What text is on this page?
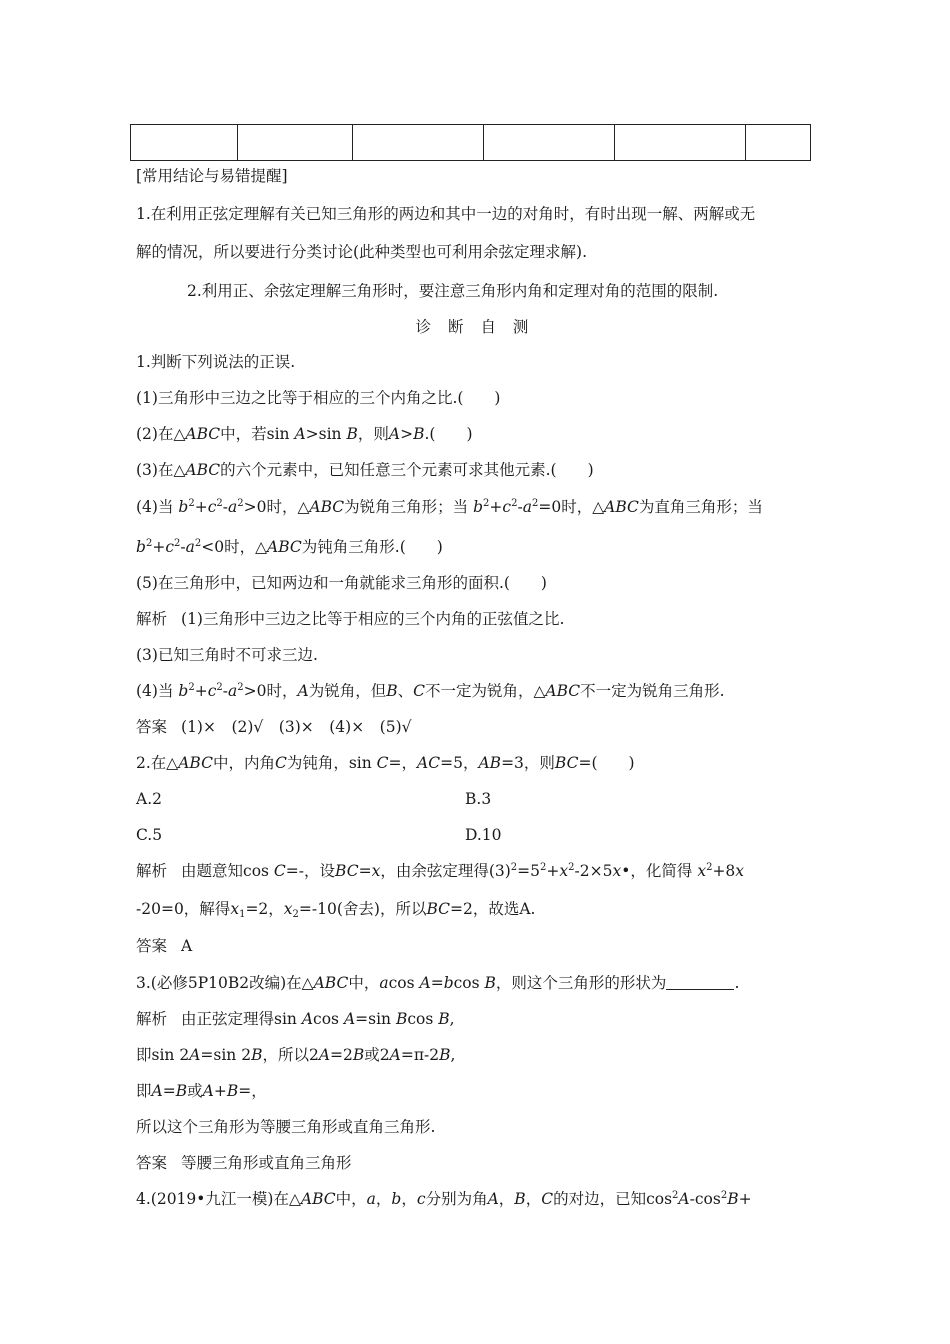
[常用结论与易错提醒]
1.在利用正弦定理解有关已知三角形的两边和其中一边的对角时，有时出现一解、两解或无
解的情况，所以要进行分类讨论(此种类型也可利用余弦定理求解).
2.利用正、余弦定理解三角形时，要注意三角形内角和定理对角的范围的限制.
诊 断 自 测
1.判断下列说法的正误.
(1)三角形中三边之比等于相应的三个内角之比.(　　)
(2)在△ABC中，若sin A>sin B，则A>B.(　　)
(3)在△ABC的六个元素中，已知任意三个元素可求其他元素.(　　)
(4)当 $b^2+c^2-a^2>0$时，△ABC为锐角三角形；当 $b^2+c^2-a^2=0$时，△ABC为直角三角形；当
$b^2+c^2-a^2<0$时，△ABC为钝角三角形.(　　)
(5)在三角形中，已知两边和一角就能求三角形的面积.(　　)
解析 (1)三角形中三边之比等于相应的三个内角的正弦值之比.
(3)已知三角时不可求三边.
(4)当 $b^2+c^2-a^2>0$时，A为锐角，但B、C不一定为锐角，△ABC不一定为锐角三角形.
答案 (1)×　(2)√　(3)×　(4)×　(5)√
2.在△ABC中，内角C为钝角，sin C=，AC=5，AB=3，则BC=(　　)
A.2	B.3
C.5	D.10
解析 由题意知cos C=-，设BC=x，由余弦定理得$(3)^2=5^2+x^2-2\times 5x•$，化简得 $x^2+8x$
-20=0，解得$x_1=2$，$x_2=-10$(舍去)，所以BC=2，故选A.
答案 A
3.(必修5P10B2改编)在△ABC中，acos A=bcos B，则这个三角形的形状为	.
解析 由正弦定理得sin Acos A=sin Bcos B,
即sin 2A=sin 2B，所以2A=2B或2A=π-2B,
即A=B或A+B=，
所以这个三角形为等腰三角形或直角三角形.
答案 等腰三角形或直角三角形
4.(2019•九江一模)在△ABC中，a，b，c分别为角A，B，C的对边，已知$\cos^2A-\cos^2B+$
